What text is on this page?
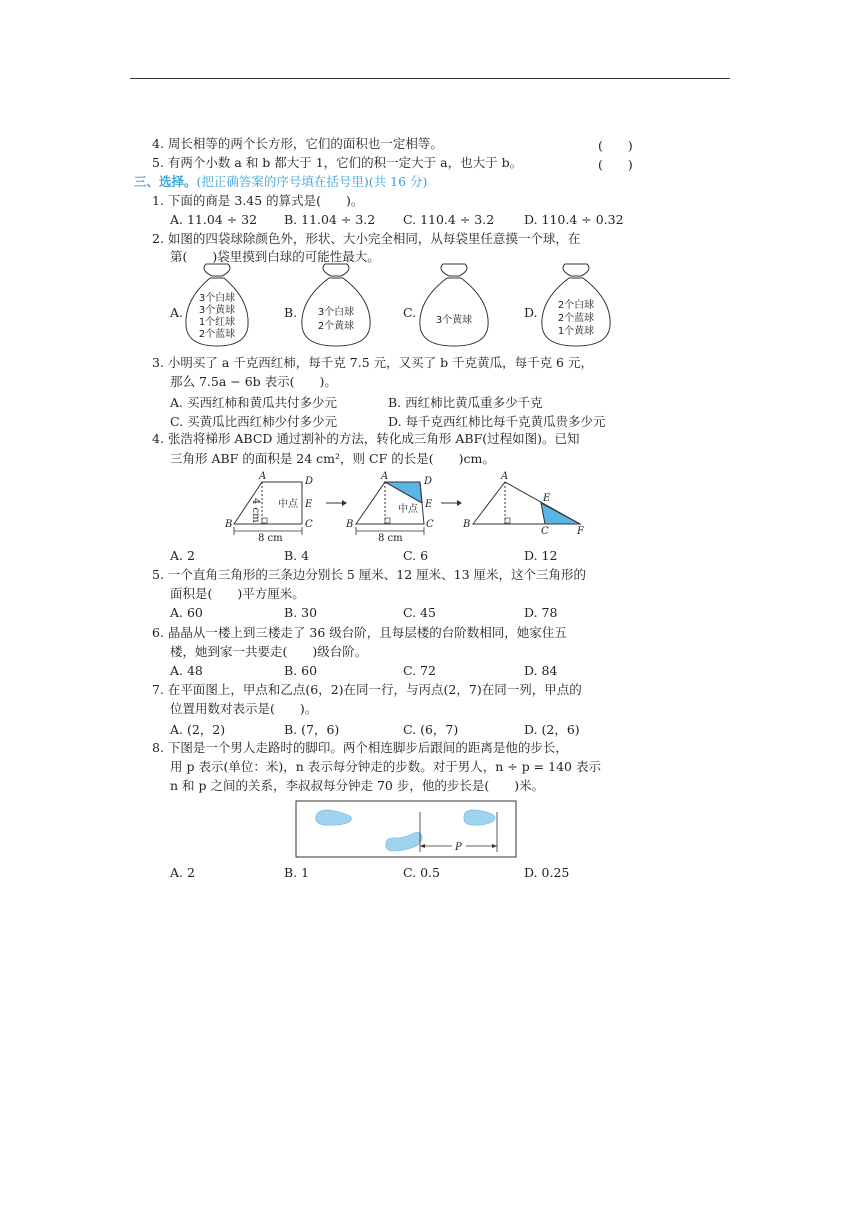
4. 周长相等的两个长方形，它们的面积也一定相等。	(　　)
5. 有两个小数 a 和 b 都大于 1，它们的积一定大于 a，也大于 b。	(　　)
三、选择。(把正确答案的序号填在括号里)(共 16 分)
1. 下面的商是 3.45 的算式是(　　)。
A. 11.04 ÷ 32 B. 11.04 ÷ 3.2 C. 110.4 ÷ 3.2 D. 110.4 ÷ 0.32
2. 如图的四袋球除颜色外，形状、大小完全相同，从每袋里任意摸一个球，在
第(　　)袋里摸到白球的可能性最大。
A.	B.	C.	D.
3个白球
3个黄球
1个红球
2个蓝球
3个白球
2个黄球
3个黄球
2个白球
2个蓝球
1个黄球
3. 小明买了 a 千克西红柿，每千克 7.5 元，又买了 b 千克黄瓜，每千克 6 元，
那么 7.5a − 6b 表示(　　)。
A. 买西红柿和黄瓜共付多少元	B. 西红柿比黄瓜重多少千克
C. 买黄瓜比西红柿少付多少元	D. 每千克西红柿比每千克黄瓜贵多少元
4. 张浩将梯形 ABCD 通过割补的方法，转化成三角形 ABF(过程如图)。已知
三角形 ABF 的面积是 24 cm²，则 CF 的长是(　　)cm。
A	D
B	C
E
中点
4 cm
8 cm
A	D
B	C
E
中点
8 cm
A
B
C
E
F
A. 2	B. 4	C. 6	D. 12
5. 一个直角三角形的三条边分别长 5 厘米、12 厘米、13 厘米，这个三角形的
面积是(　　)平方厘米。
A. 60	B. 30	C. 45	D. 78
6. 晶晶从一楼上到三楼走了 36 级台阶，且每层楼的台阶数相同，她家住五
楼，她到家一共要走(　　)级台阶。
A. 48	B. 60	C. 72	D. 84
7. 在平面图上，甲点和乙点(6，2)在同一行，与丙点(2，7)在同一列，甲点的
位置用数对表示是(　　)。
A. (2，2)	B. (7，6)	C. (6，7)	D. (2，6)
8. 下图是一个男人走路时的脚印。两个相连脚步后跟间的距离是他的步长，
用 p 表示(单位：米)，n 表示每分钟走的步数。对于男人，n ÷ p = 140 表示
n 和 p 之间的关系，李叔叔每分钟走 70 步，他的步长是(　　)米。
P
A. 2	B. 1	C. 0.5	D. 0.25
